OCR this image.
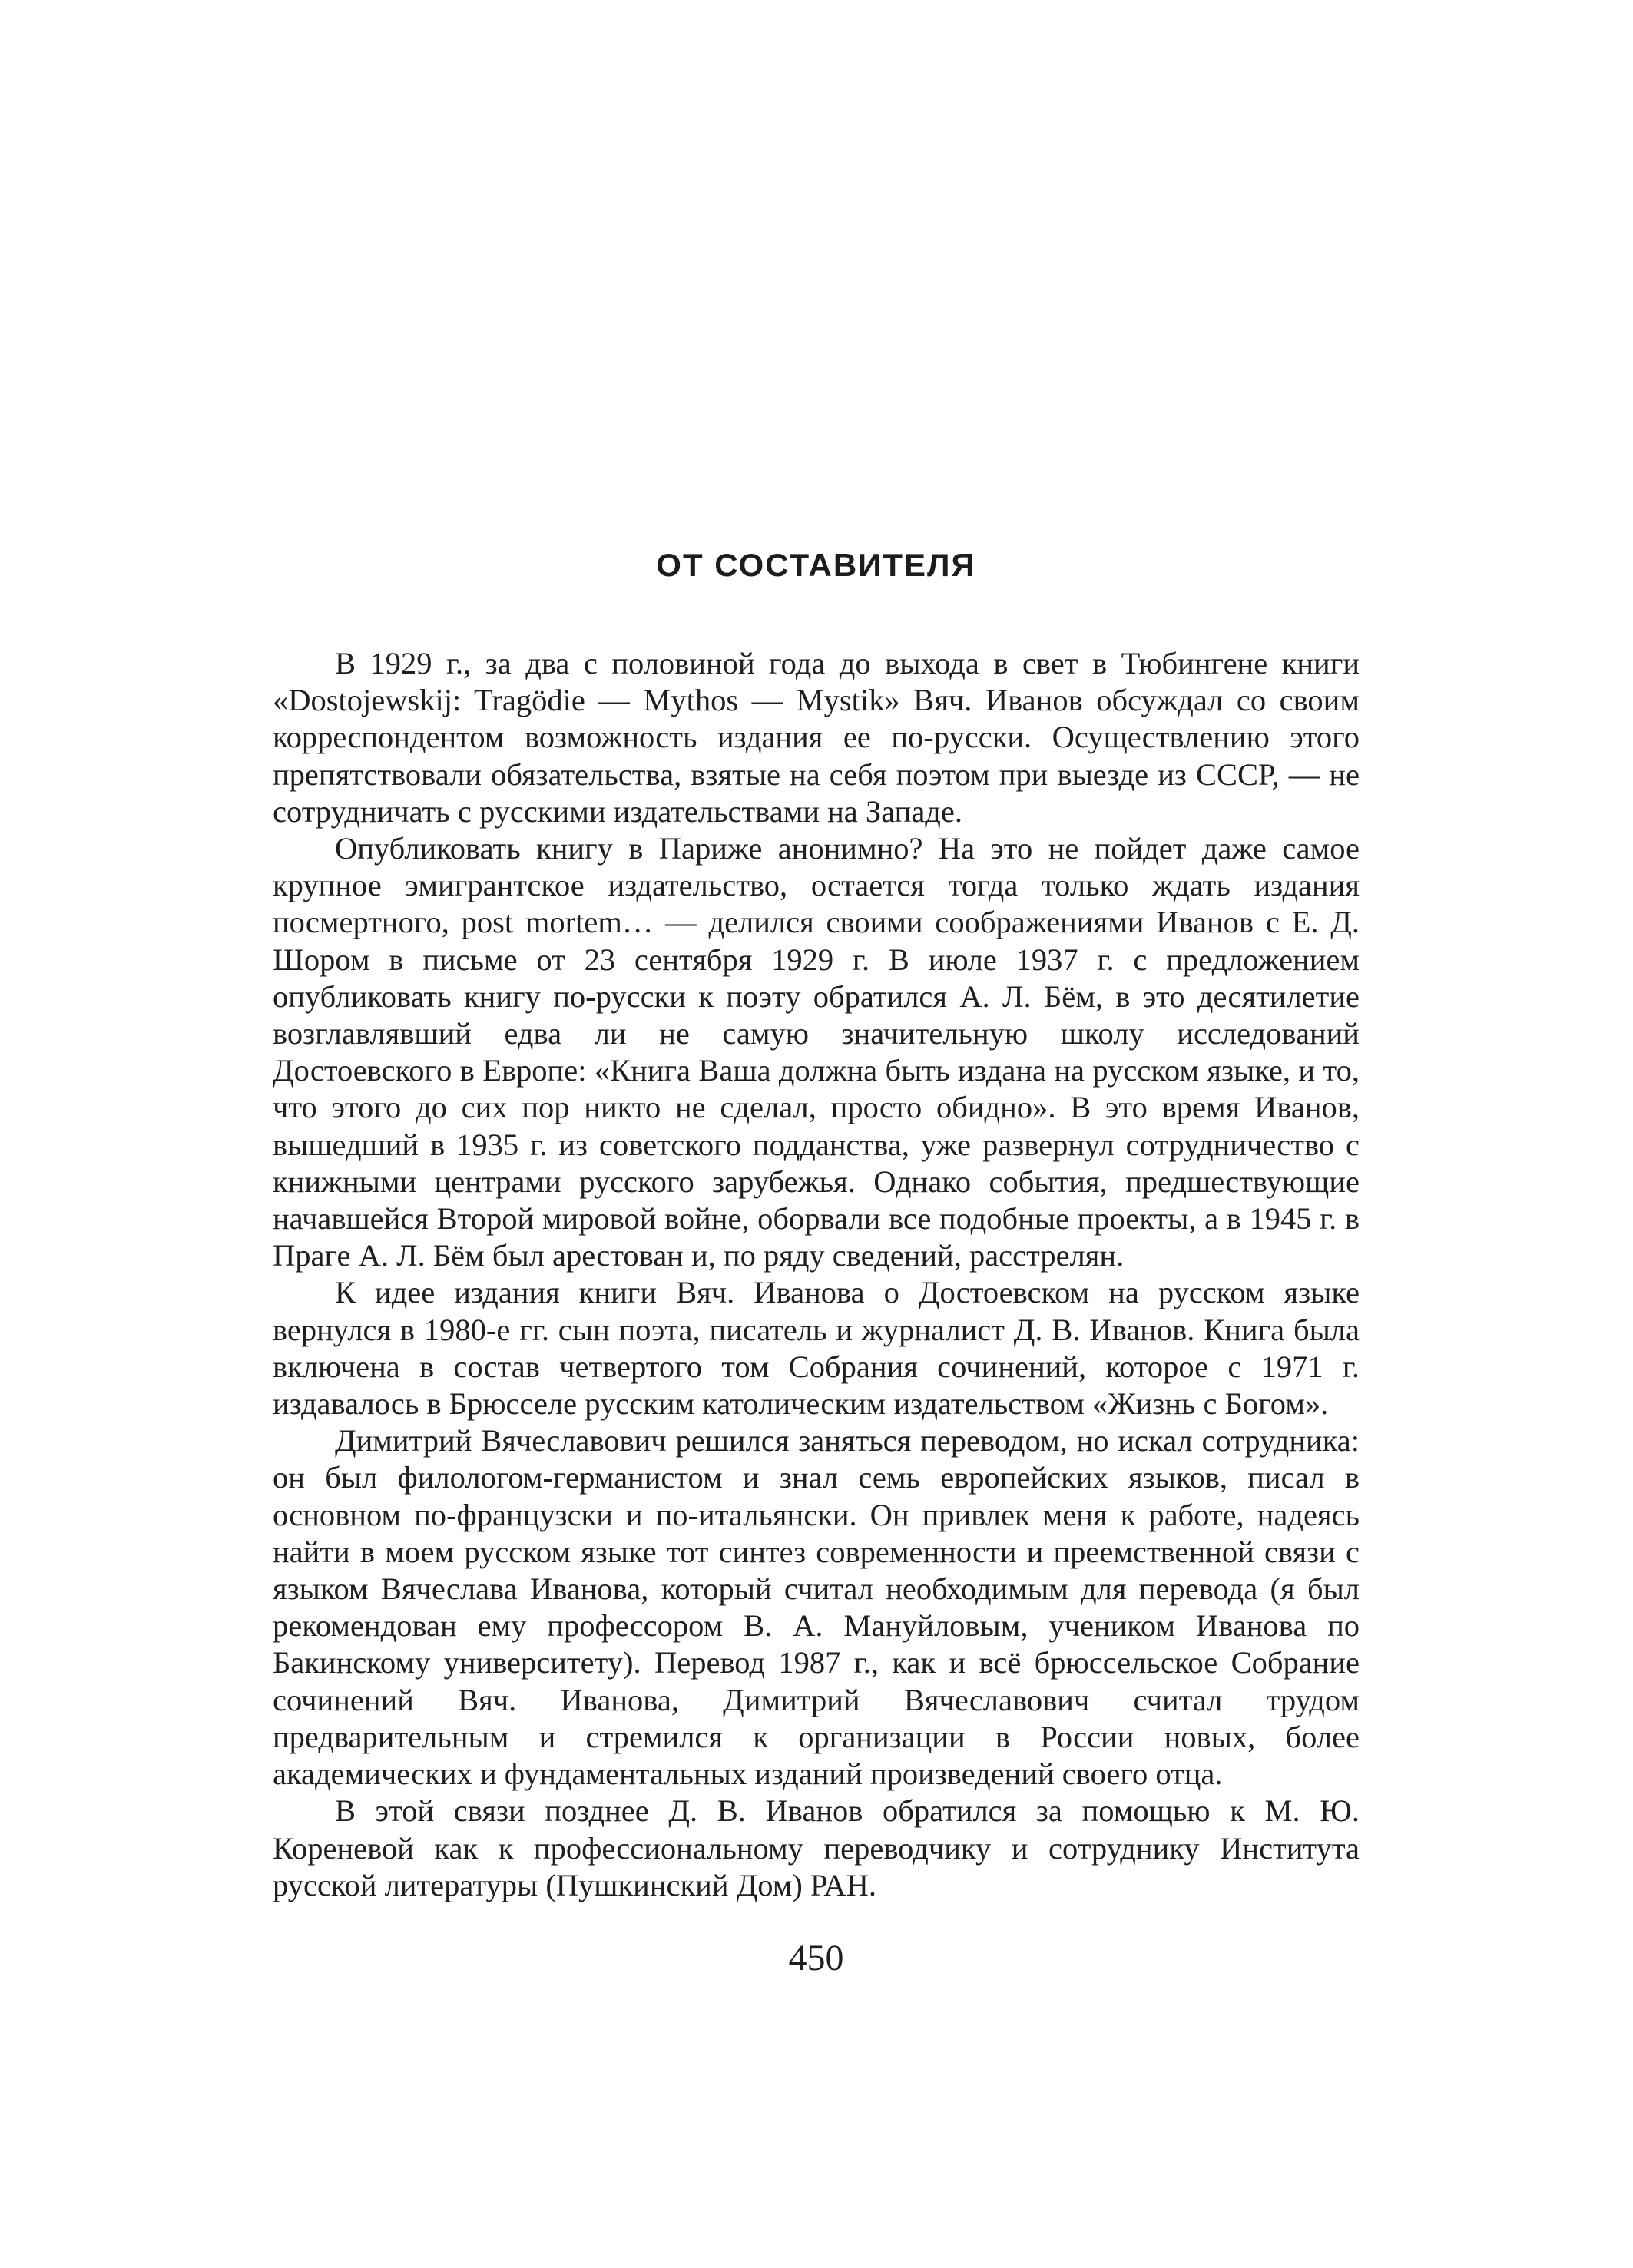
ОТ СОСТАВИТЕЛЯ

В 1929 г., за два с половиной года до выхода в свет в Тюбингене книги «Dostojewskij: Tragödie — Mythos — Mystik» Вяч. Иванов обсуждал со своим корреспондентом возможность издания ее по-русски. Осуществлению этого препятствовали обязательства, взятые на себя поэтом при выезде из СССР, — не сотрудничать с русскими издательствами на Западе.

Опубликовать книгу в Париже анонимно? На это не пойдет даже самое крупное эмигрантское издательство, остается тогда только ждать издания посмертного, post mortem… — делился своими соображениями Иванов с Е. Д. Шором в письме от 23 сентября 1929 г. В июле 1937 г. с предложением опубликовать книгу по-русски к поэту обратился А. Л. Бём, в это десятилетие возглавлявший едва ли не самую значительную школу исследований Достоевского в Европе: «Книга Ваша должна быть издана на русском языке, и то, что этого до сих пор никто не сделал, просто обидно». В это время Иванов, вышедший в 1935 г. из советского подданства, уже развернул сотрудничество с книжными центрами русского зарубежья. Однако события, предшествующие начавшейся Второй мировой войне, оборвали все подобные проекты, а в 1945 г. в Праге А. Л. Бём был арестован и, по ряду сведений, расстрелян.

К идее издания книги Вяч. Иванова о Достоевском на русском языке вернулся в 1980-е гг. сын поэта, писатель и журналист Д. В. Иванов. Книга была включена в состав четвертого том Собрания сочинений, которое с 1971 г. издавалось в Брюсселе русским католическим издательством «Жизнь с Богом».

Димитрий Вячеславович решился заняться переводом, но искал сотрудника: он был филологом-германистом и знал семь европейских языков, писал в основном по-французски и по-итальянски. Он привлек меня к работе, надеясь найти в моем русском языке тот синтез современности и преемственной связи с языком Вячеслава Иванова, который считал необходимым для перевода (я был рекомендован ему профессором В. А. Мануйловым, учеником Иванова по Бакинскому университету). Перевод 1987 г., как и всё брюссельское Собрание сочинений Вяч. Иванова, Димитрий Вячеславович считал трудом предварительным и стремился к организации в России новых, более академических и фундаментальных изданий произведений своего отца.

В этой связи позднее Д. В. Иванов обратился за помощью к М. Ю. Кореневой как к профессиональному переводчику и сотруднику Института русской литературы (Пушкинский Дом) РАН.

450
